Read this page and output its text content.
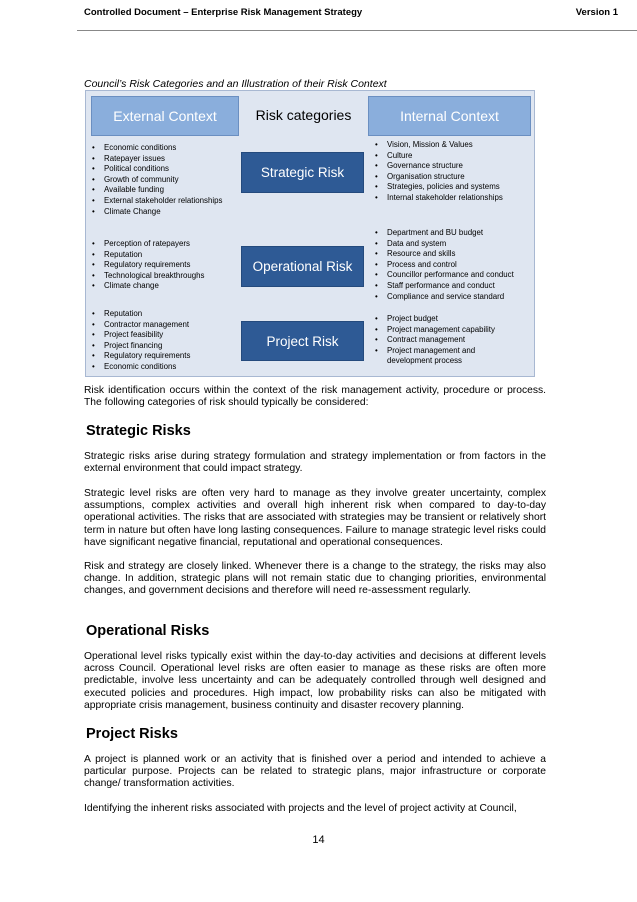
Controlled Document – Enterprise Risk Management Strategy	Version 1
Council’s Risk Categories and an Illustration of their Risk Context
External Context	Risk categories	Internal Context
• Economic conditions
• Ratepayer issues
• Political conditions
• Growth of community
• Available funding
• External stakeholder relationships
• Climate Change
Strategic Risk
• Vision, Mission & Values
• Culture
• Governance structure
• Organisation structure
• Strategies, policies and systems
• Internal stakeholder relationships
• Perception of ratepayers
• Reputation
• Regulatory requirements
• Technological breakthroughs
• Climate change
Operational Risk
• Department and BU budget
• Data and system
• Resource and skills
• Process and control
• Councillor performance and conduct
• Staff performance and conduct
• Compliance and service standard
• Reputation
• Contractor management
• Project feasibility
• Project financing
• Regulatory requirements
• Economic conditions
Project Risk
• Project budget
• Project management capability
• Contract management
• Project management and
development process
Risk identification occurs within the context of the risk management activity, procedure or process. The following categories of risk should typically be considered:
Strategic Risks
Strategic risks arise during strategy formulation and strategy implementation or from factors in the external environment that could impact strategy.
Strategic level risks are often very hard to manage as they involve greater uncertainty, complex assumptions, complex activities and overall high inherent risk when compared to day-to-day operational activities. The risks that are associated with strategies may be transient or relatively short term in nature but often have long lasting consequences. Failure to manage strategic level risks could have significant negative financial, reputational and operational consequences.
Risk and strategy are closely linked. Whenever there is a change to the strategy, the risks may also change. In addition, strategic plans will not remain static due to changing priorities, environmental changes, and government decisions and therefore will need re-assessment regularly.
Operational Risks
Operational level risks typically exist within the day-to-day activities and decisions at different levels across Council. Operational level risks are often easier to manage as these risks are often more predictable, involve less uncertainty and can be adequately controlled through well designed and executed policies and procedures. High impact, low probability risks can also be mitigated with appropriate crisis management, business continuity and disaster recovery planning.
Project Risks
A project is planned work or an activity that is finished over a period and intended to achieve a particular purpose. Projects can be related to strategic plans, major infrastructure or corporate change/ transformation activities.
Identifying the inherent risks associated with projects and the level of project activity at Council,
14
